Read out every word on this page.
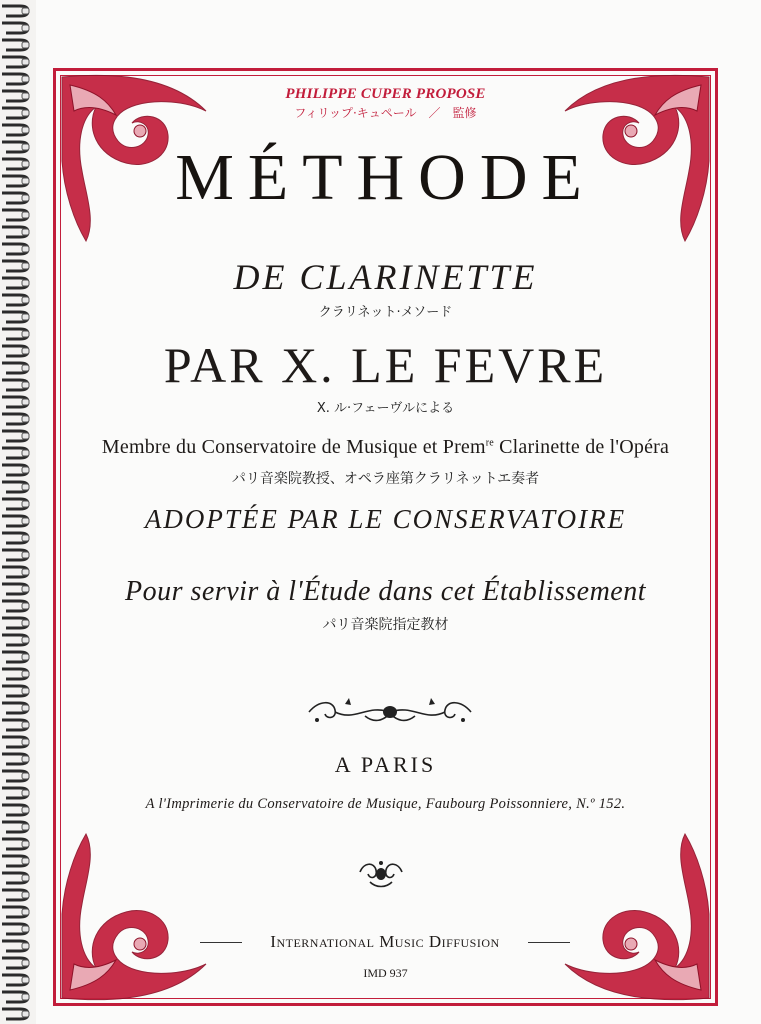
PHILIPPE CUPER PROPOSE
フィリップ·キュペール　／　監修
MÉTHODE
DE CLARINETTE
クラリネット·メソード
PAR X. LE FEVRE
X. ル·フェーヴルによる
Membre du Conservatoire de Musique et Prem$^{re}$ Clarinette de l'Opéra
パリ音楽院教授、オペラ座第クラリネットエ奏者
ADOPTÉE PAR LE CONSERVATOIRE
Pour servir à l'Étude dans cet Établissement
パリ音楽院指定教材
A PARIS
A l'Imprimerie du Conservatoire de Musique, Faubourg Poissonniere, N.º 152.
International Music Diffusion
IMD 937
